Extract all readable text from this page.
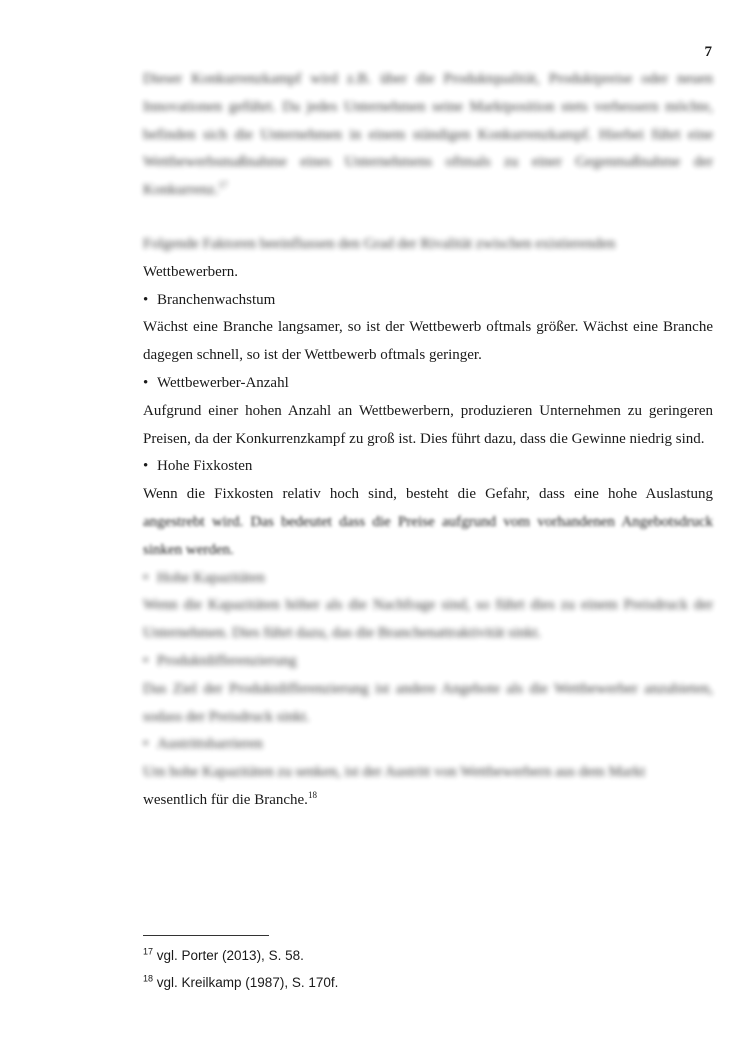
7

Dieser Konkurrenzkampf wird z.B. über die Produktqualität, Produktpreise oder neuen Innovationen geführt. Da jedes Unternehmen seine Marktposition stets verbessern möchte, befinden sich die Unternehmen in einem ständigen Konkurrenzkampf. Hierbei führt eine Wettbewerbsmaßnahme eines Unternehmens oftmals zu einer Gegenmaßnahme der Konkurrenz.$^{17}$

Folgende Faktoren beeinflussen den Grad der Rivalität zwischen existierenden
Wettbewerbern.

• Branchenwachstum

Wächst eine Branche langsamer, so ist der Wettbewerb oftmals größer. Wächst eine Branche dagegen schnell, so ist der Wettbewerb oftmals geringer.

• Wettbewerber-Anzahl

Aufgrund einer hohen Anzahl an Wettbewerbern, produzieren Unternehmen zu geringeren Preisen, da der Konkurrenzkampf zu groß ist. Dies führt dazu, dass die Gewinne niedrig sind.

• Hohe Fixkosten

Wenn die Fixkosten relativ hoch sind, besteht die Gefahr, dass eine hohe Auslastung angestrebt wird. Das bedeutet dass die Preise aufgrund vom vorhandenen Angebotsdruck sinken werden.

• Hohe Kapazitäten

Wenn die Kapazitäten höher als die Nachfrage sind, so führt dies zu einem Preisdruck der Unternehmen. Dies führt dazu, das die Branchenattraktivität sinkt.

• Produktdifferenzierung

Das Ziel der Produktdifferenzierung ist andere Angebote als die Wettbewerber anzubieten, sodass der Preisdruck sinkt.

• Austrittsbarrieren

Um hohe Kapazitäten zu senken, ist der Austritt von Wettbewerbern aus dem Markt

wesentlich für die Branche.$^{18}$

$^{17}$ vgl. Porter (2013), S. 58.
$^{18}$ vgl. Kreilkamp (1987), S. 170f.
